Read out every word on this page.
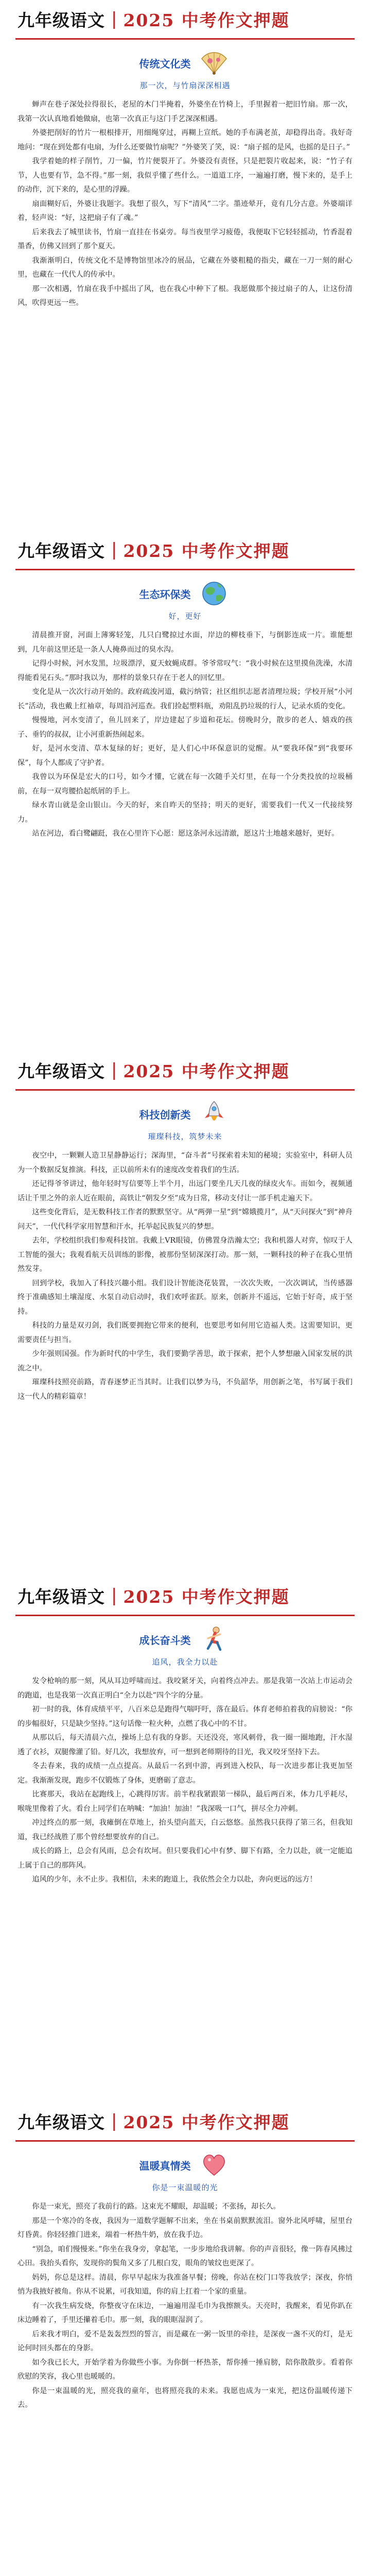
九年级语文 | 2025 中考作文押题
传统文化类
那一次，与竹扇深深相遇

蝉声在巷子深处拉得很长，老屋的木门半掩着，外婆坐在竹椅上，手里握着一把旧竹扇。那一次，我第一次认真地看她做扇，也第一次真正与这门手艺深深相遇。

外婆把削好的竹片一根根排开，用细绳穿过，再糊上宣纸。她的手布满老茧，却稳得出奇。我好奇地问：“现在到处都有电扇，为什么还要做竹扇呢？”外婆笑了笑，说：“扇子摇的是风，也摇的是日子。”

我学着她的样子削竹，刀一偏，竹片便裂开了。外婆没有责怪，只是把裂片收起来，说：“竹子有节，人也要有节，急不得。”那一刻，我似乎懂了些什么。一道道工序，一遍遍打磨，慢下来的，是手上的动作，沉下来的，是心里的浮躁。

扇面糊好后，外婆让我题字。我想了很久，写下“清风”二字。墨迹晕开，竟有几分古意。外婆端详着，轻声说：“好，这把扇子有了魂。”

后来我去了城里读书，竹扇一直挂在书桌旁。每当夜里学习疲倦，我便取下它轻轻摇动，竹香混着墨香，仿佛又回到了那个夏天。

我渐渐明白，传统文化不是博物馆里冰冷的展品，它藏在外婆粗糙的指尖，藏在一刀一刻的耐心里，也藏在一代代人的传承中。

那一次相遇，竹扇在我手中摇出了风，也在我心中种下了根。我愿做那个接过扇子的人，让这份清风，吹得更远一些。

九年级语文 | 2025 中考作文押题
生态环保类
好，更好

清晨推开窗，河面上薄雾轻笼，几只白鹭掠过水面，岸边的柳枝垂下，与倒影连成一片。谁能想到，几年前这里还是一条人人掩鼻而过的臭水沟。

记得小时候，河水发黑，垃圾漂浮，夏天蚊蝇成群。爷爷常叹气：“我小时候在这里摸鱼洗澡，水清得能看见石头。”那时我以为，那样的景象只存在于老人的回忆里。

变化是从一次次行动开始的。政府疏浚河道，截污纳管；社区组织志愿者清理垃圾；学校开展“小河长”活动，我也戴上红袖章，每周沿河巡查。我们捡起塑料瓶，劝阻乱扔垃圾的行人，记录水质的变化。

慢慢地，河水变清了，鱼儿回来了，岸边建起了步道和花坛。傍晚时分，散步的老人、嬉戏的孩子、垂钓的叔叔，让小河重新热闹起来。

好，是河水变清、草木复绿的好；更好，是人们心中环保意识的觉醒。从“要我环保”到“我要环保”，每个人都成了守护者。

我曾以为环保是宏大的口号，如今才懂，它就在每一次随手关灯里，在每一个分类投放的垃圾桶前，在每一双弯腰拾起纸屑的手上。

绿水青山就是金山银山。今天的好，来自昨天的坚持；明天的更好，需要我们一代又一代接续努力。

站在河边，看白鹭翩跹，我在心里许下心愿：愿这条河永远清澈，愿这片土地越来越好，更好。

九年级语文 | 2025 中考作文押题
科技创新类
璀璨科技，筑梦未来

夜空中，一颗颗人造卫星静静运行；深海里，“奋斗者”号探索着未知的秘境；实验室中，科研人员为一个数据反复推演。科技，正以前所未有的速度改变着我们的生活。

还记得爷爷讲过，他年轻时写信要等上半个月，出远门要坐几天几夜的绿皮火车。而如今，视频通话让千里之外的亲人近在眼前，高铁让“朝发夕至”成为日常，移动支付让一部手机走遍天下。

这些变化背后，是无数科技工作者的默默坚守。从“两弹一星”到“嫦娥揽月”，从“天问探火”到“神舟问天”，一代代科学家用智慧和汗水，托举起民族复兴的梦想。

去年，学校组织我们参观科技馆。我戴上VR眼镜，仿佛置身浩瀚太空；我和机器人对弈，惊叹于人工智能的强大；我观看航天员训练的影像，被那份坚韧深深打动。那一刻，一颗科技的种子在我心里悄然发芽。

回到学校，我加入了科技兴趣小组。我们设计智能浇花装置，一次次失败，一次次调试，当传感器终于准确感知土壤湿度、水泵自动启动时，我们欢呼雀跃。原来，创新并不遥远，它始于好奇，成于坚持。

科技的力量是双刃剑，我们既要拥抱它带来的便利，也要思考如何用它造福人类。这需要知识，更需要责任与担当。

少年强则国强。作为新时代的中学生，我们要勤学善思，敢于探索，把个人梦想融入国家发展的洪流之中。

璀璨科技照亮前路，青春逐梦正当其时。让我们以梦为马，不负韶华，用创新之笔，书写属于我们这一代人的精彩篇章！

九年级语文 | 2025 中考作文押题
成长奋斗类
追风，我全力以赴

发令枪响的那一刻，风从耳边呼啸而过。我咬紧牙关，向着终点冲去。那是我第一次站上市运动会的跑道，也是我第一次真正明白“全力以赴”四个字的分量。

初一时的我，体育成绩平平，八百米总是跑得气喘吁吁，落在最后。体育老师拍着我的肩膀说：“你的步幅很好，只是缺少坚持。”这句话像一粒火种，点燃了我心中的不甘。

从那以后，每天清晨六点，操场上总有我的身影。天还没亮，寒风刺骨，我一圈一圈地跑，汗水湿透了衣衫，双腿像灌了铅。好几次，我想放弃，可一想到老师期待的目光，我又咬牙坚持下去。

冬去春来，我的成绩一点点提高。从最后一名到中游，再到进入校队，每一次进步都让我更加坚定。我渐渐发现，跑步不仅锻炼了身体，更磨砺了意志。

比赛那天，我站在起跑线上，心跳得厉害。前半程我紧跟第一梯队，最后两百米，体力几乎耗尽，喉咙里像着了火。看台上同学们在呐喊：“加油！加油！”我深吸一口气，拼尽全力冲刺。

冲过终点的那一刻，我瘫倒在草地上，抬头望向蓝天，白云悠悠。虽然我只获得了第三名，但我知道，我已经战胜了那个曾经想要放弃的自己。

成长的路上，总会有风雨，总会有坎坷。但只要我们心中有梦、脚下有路，全力以赴，就一定能追上属于自己的那阵风。

追风的少年，永不止步。我相信，未来的跑道上，我依然会全力以赴，奔向更远的远方！

九年级语文 | 2025 中考作文押题
温暖真情类
你是一束温暖的光

你是一束光，照亮了我前行的路。这束光不耀眼，却温暖；不张扬，却长久。

那是一个寒冷的冬夜，我因为一道数学题解不出来，坐在书桌前默默流泪。窗外北风呼啸，屋里台灯昏黄。你轻轻推门进来，端着一杯热牛奶，放在我手边。

“别急，咱们慢慢来。”你坐在我身旁，拿起笔，一步步地给我讲解。你的声音很轻，像一阵春风拂过心田。我抬头看你，发现你的鬓角又多了几根白发，眼角的皱纹也更深了。

妈妈，你总是这样。清晨，你早早起床为我准备早餐；傍晚，你站在校门口等我放学；深夜，你悄悄为我掖好被角。你从不说累，可我知道，你的肩上扛着一个家的重量。

有一次我生病发烧，你整夜守在床边，一遍遍用湿毛巾为我擦额头。天亮时，我醒来，看见你趴在床边睡着了，手里还攥着毛巾。那一刻，我的眼眶湿润了。

后来我才明白，爱不是轰轰烈烈的誓言，而是藏在一粥一饭里的牵挂，是深夜一盏不灭的灯，是无论何时回头都在的身影。

如今我已长大，开始学着为你做些小事。为你倒一杯热茶，帮你捶一捶肩膀，陪你散散步。看着你欣慰的笑容，我心里也暖暖的。

你是一束温暖的光，照亮我的童年，也将照亮我的未来。我愿也成为一束光，把这份温暖传递下去。
